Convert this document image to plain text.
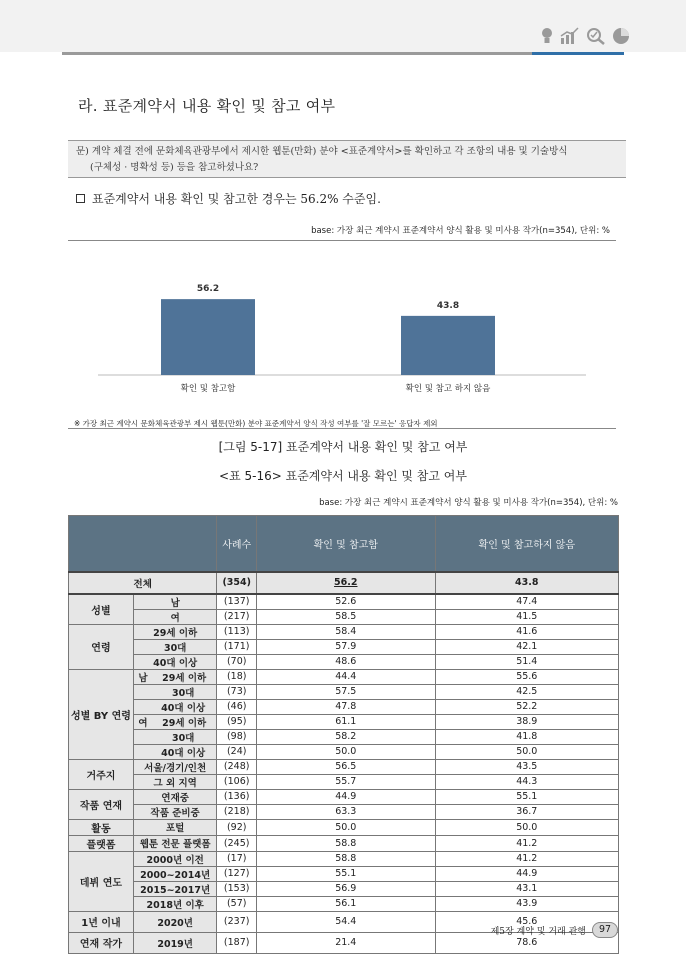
라. 표준계약서 내용 확인 및 참고 여부
문) 계약 체결 전에 문화체육관광부에서 제시한 웹툰(만화) 분야 <표준계약서>를 확인하고 각 조항의 내용 및 기술방식
(구체성 · 명확성 등) 등을 참고하셨나요?
표준계약서 내용 확인 및 참고한 경우는 56.2% 수준임.
base: 가장 최근 계약시 표준계약서 양식 활용 및 미사용 작가(n=354), 단위: %
56.2
확인 및 참고함
43.8
확인 및 참고 하지 않음
※ 가장 최근 계약시 문화체육관광부 제시 웹툰(만화) 분야 표준계약서 양식 작성 여부를 '잘 모르는' 응답자 제외
[그림 5-17] 표준계약서 내용 확인 및 참고 여부
<표 5-16> 표준계약서 내용 확인 및 참고 여부
base: 가장 최근 계약시 표준계약서 양식 활용 및 미사용 작가(n=354), 단위: %
		사례수	확인 및 참고함	확인 및 참고하지 않음
전체		(354)	56.2	43.8
성별	남	(137)	52.6	47.4
	여	(217)	58.5	41.5
연령	29세 이하	(113)	58.4	41.6
	30대	(171)	57.9	42.1
	40대 이상	(70)	48.6	51.4
성별 BY 연령	남 29세 이하	(18)	44.4	55.6
	30대	(73)	57.5	42.5
	40대 이상	(46)	47.8	52.2

	여 29세 이하	(95)	61.1	38.9
	30대	(98)	58.2	41.8
	40대 이상	(24)	50.0	50.0
거주지	서울/경기/인천	(248)	56.5	43.5
	그 외 지역	(106)	55.7	44.3
작품 연재	연재중	(136)	44.9	55.1
	작품 준비중	(218)	63.3	36.7
활동	포털	(92)	50.0	50.0
플랫폼	웹툰 전문 플랫폼	(245)	58.8	41.2
데뷔 연도	2000년 이전	(17)	58.8	41.2
	2000~2014년	(127)	55.1	44.9
	2015~2017년	(153)	56.9	43.1
	2018년 이후	(57)	56.1	43.9
1년 이내	2020년	(237)	54.4	45.6
연재 작가	2019년	(187)	21.4	78.6
제5장 계약 및 거래 관행	97
